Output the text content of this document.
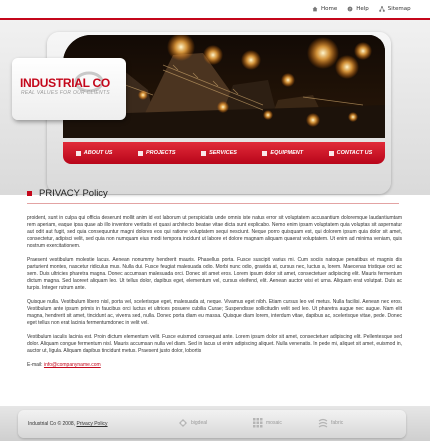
Home ? Help	Sitemap
INDUSTRIAL CO
REAL VALUES FOR OUR CLIENTS
ABOUT US	PROJECTS	SERVICES	EQUIPMENT	CONTACT US
PRIVACY Policy

proident, sunt in culpa qui officia deserunt mollit anim id est laborum ut perspiciatis unde omnis iste natus error sit voluptatem accusantium doloremque laudantiumtam rem aperiam, eaque ipsa quae ab illo inventore veritatis et quasi architecto beatae vitae dicta sunt explicabo. Nemo enim ipsam voluptatem quia voluptas sit aspernatur aut odit aut fugit, sed quia consequuntur magni dolores eos qui ratione voluptatem sequi nesciunt. Neque porro quisquam est, qui dolorem ipsum quia dolor sit amet, consectetur, adipisci velit, sed quia non numquam eius modi tempora incidunt ut labore et dolore magnam aliquam quaerat voluptatem. Ut enim ad minima veniam, quis nostrum exercitationem.

Praesent vestibulum molestie lacus. Aenean nonummy hendrerit mauris. Phasellus porta. Fusce suscipit varius mi. Cum sociis natoque penatibus et magnis dis parturient montes, nascetur ridiculus mus. Nulla dui. Fusce feugiat malesuada odio. Morbi nunc odio, gravida at, cursus nec, luctus a, lorem. Maecenas tristique orci ac sem. Duis ultricies pharetra magna. Donec accumsan malesuada orci. Donec sit amet eros. Lorem ipsum dolor sit amet, consectetuer adipiscing elit. Mauris fermentum dictum magna. Sed laoreet aliquam leo. Ut tellus dolor, dapibus eget, elementum vel, cursus eleifend, elit. Aenean auctor wisi et urna. Aliquam erat volutpat. Duis ac turpis. Integer rutrum ante.

Quisque nulla. Vestibulum libero nisl, porta vel, scelerisque eget, malesuada at, neque. Vivamus eget nibh. Etiam cursus leo vel metus. Nulla facilisi. Aenean nec eros. Vestibulum ante ipsum primis in faucibus orci luctus et ultrices posuere cubilia Curae; Suspendisse sollicitudin velit sed leo. Ut pharetra augue nec augue. Nam elit magna, hendrerit sit amet, tincidunt ac, viverra sed, nulla. Donec porta diam eu massa. Quisque diam lorem, interdum vitae, dapibus ac, scelerisque vitae, pede. Donec eget tellus non erat lacinia fermentumdonec in velit vel.

Vestibulum iaculis lacinia est. Proin dictum elementum velit. Fusce euismod consequat ante. Lorem ipsum dolor sit amet, consectetuer adipiscing elit. Pellentesque sed dolor. Aliquam congue fermentum nisl. Mauris accumsan nulla vel diam. Sed in lacus ut enim adipiscing aliquet. Nulla venenatis. In pede mi, aliquet sit amet, euismod in, auctor ut, ligula. Aliquam dapibus tincidunt metus. Praesent justo dolor, lobortis

E-mail: info@companyname.com
Industrial Co © 2008, Privacy Policy	bigdeal	mosaic	fabric
